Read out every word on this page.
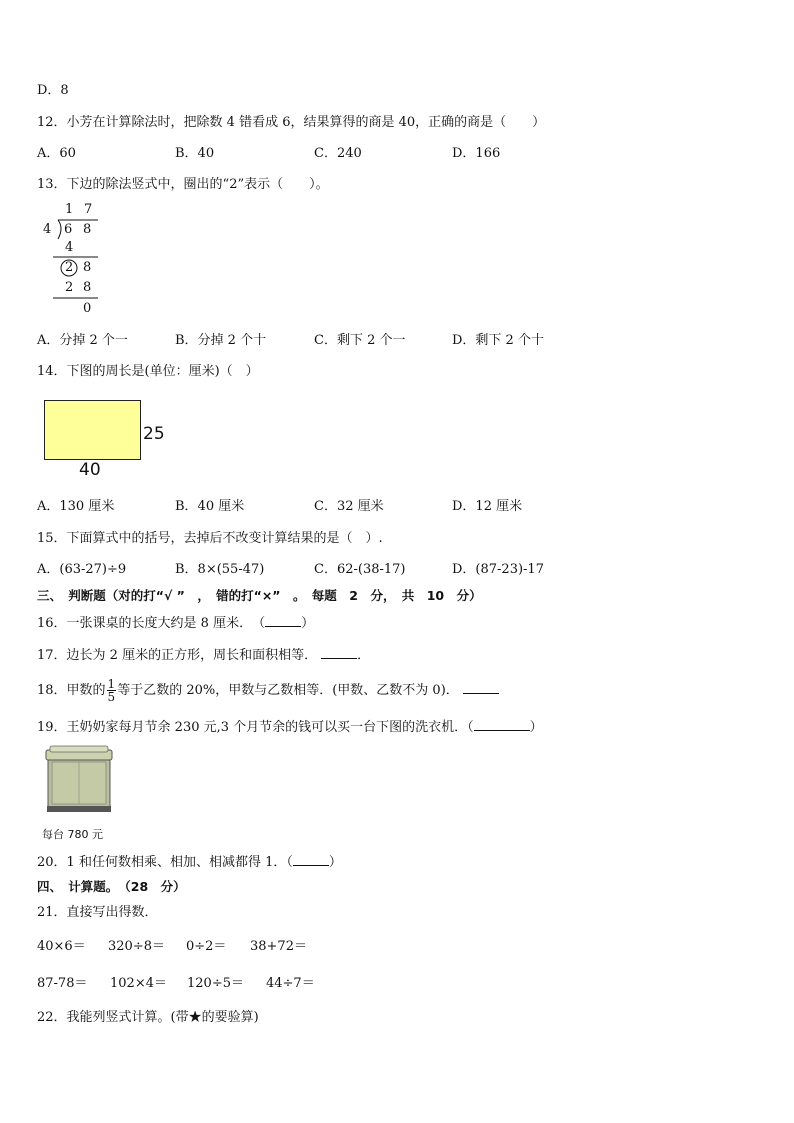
D．8
12．小芳在计算除法时，把除数 4 错看成 6，结果算得的商是 40，正确的商是（　　）
A．60	B．40	C．240	D．166
13．下边的除法竖式中，圈出的“2”表示（　　）。
1 7
4 6 8
4
2 8
2 8
0
A．分掉 2 个一	B．分掉 2 个十	C．剩下 2 个一	D．剩下 2 个十
14．下图的周长是(单位：厘米)（　）
25
40
A．130 厘米	B．40 厘米	C．32 厘米	D．12 厘米
15．下面算式中的括号，去掉后不改变计算结果的是（　）.
A．(63-27)÷9	B．8×(55-47)	C．62-(38-17)	D．(87-23)-17
三、　判断题（对的打“√ ”　，　错的打“×”　。　每题　2　分，　共　10　分）
16．一张课桌的长度大约是 8 厘米．　（	）
17．边长为 2 厘米的正方形，周长和面积相等．	．
18．甲数的 $\frac{1}{5}$ 等于乙数的 20%，甲数与乙数相等．(甲数、乙数不为 0)．
19．王奶奶家每月节余 230 元,3 个月节余的钱可以买一台下图的洗衣机．（	）
每台 780 元
20．1 和任何数相乘、相加、相减都得 1．（	）
四、　计算题。　（28　分）
21．直接写出得数．
40×6＝ 320÷8＝ 0÷2＝ 38+72＝
87-78＝ 102×4＝ 120÷5＝ 44÷7＝
22．我能列竖式计算。(带★的要验算)
